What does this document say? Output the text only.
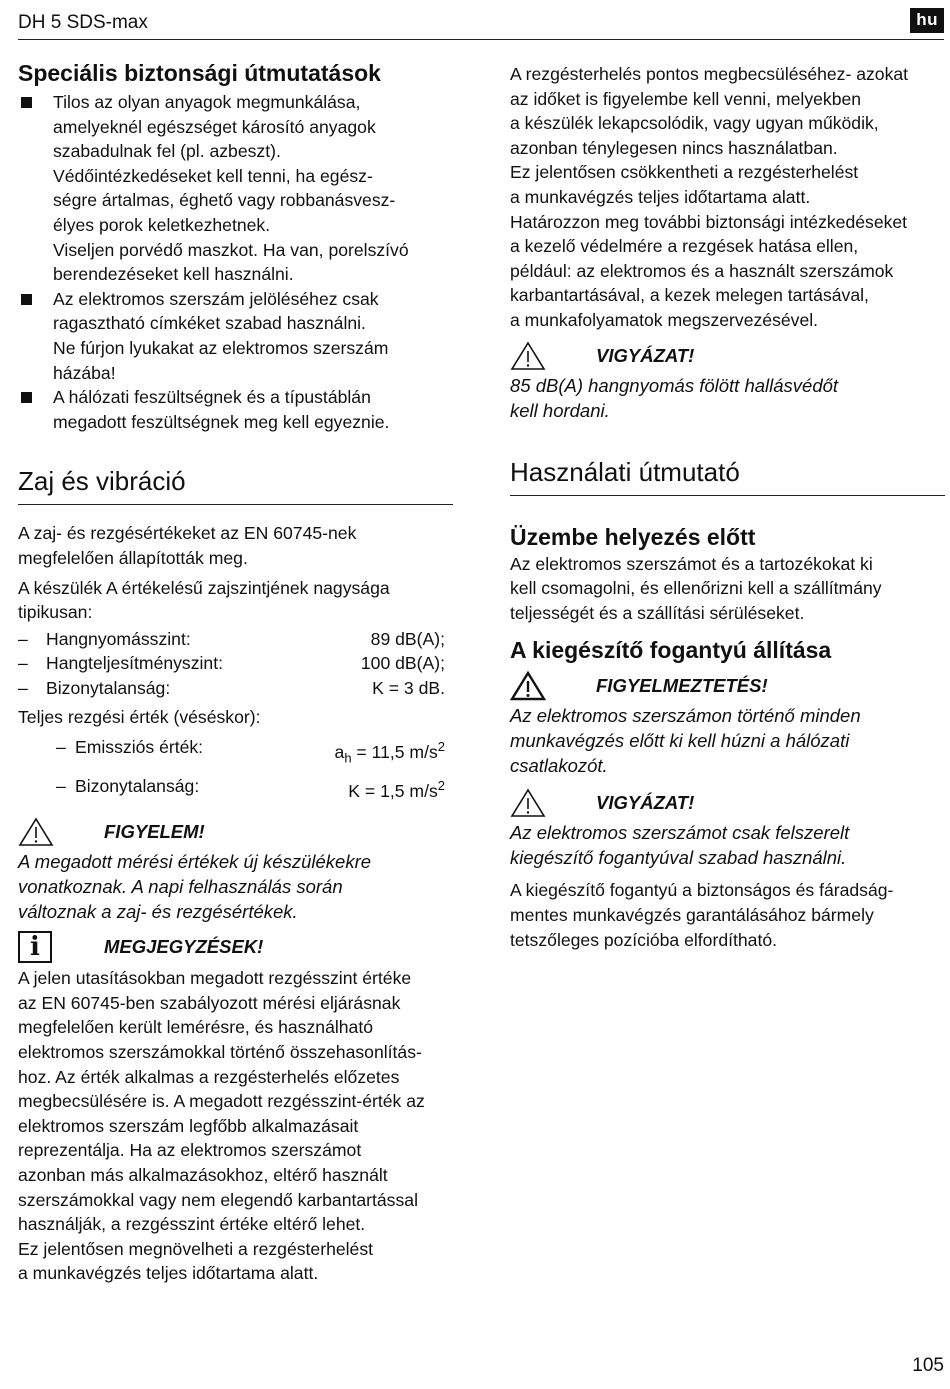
DH 5 SDS-max	hu
Speciális biztonsági útmutatások
Tilos az olyan anyagok megmunkálása,
amelyeknél egészséget károsító anyagok
szabadulnak fel (pl. azbeszt).
Védőintézkedéseket kell tenni, ha egész-
ségre ártalmas, éghető vagy robbanásvesz-
élyes porok keletkezhetnek.
Viseljen porvédő maszkot. Ha van, porelszívó
berendezéseket kell használni.
Az elektromos szerszám jelöléséhez csak
ragasztható címkéket szabad használni.
Ne fúrjon lyukakat az elektromos szerszám
házába!
A hálózati feszültségnek és a típustáblán
megadott feszültségnek meg kell egyeznie.
Zaj és vibráció

A zaj- és rezgésértékeket az EN 60745-nek
megfelelően állapították meg.

A készülék A értékelésű zajszintjének nagysága
tipikusan:

– Hangnyomásszint:	89 dB(A);
– Hangteljesítményszint:	100 dB(A);
– Bizonytalanság:	K = 3 dB.

Teljes rezgési érték (véséskor):

– Emissziós érték:	$a_h = 11,5$ $m/s^2$
– Bizonytalanság:	K = 1,5 $m/s^2$
FIGYELEM!

A megadott mérési értékek új készülékekre
vonatkoznak. A napi felhasználás során
változnak a zaj- és rezgésértékek.

i	MEGJEGYZÉSEK!

A jelen utasításokban megadott rezgésszint értéke
az EN 60745-ben szabályozott mérési eljárásnak
megfelelően került lemérésre, és használható
elektromos szerszámokkal történő összehasonlítás-
hoz. Az érték alkalmas a rezgésterhelés előzetes
megbecsülésére is. A megadott rezgésszint-érték az
elektromos szerszám legfőbb alkalmazásait
reprezentálja. Ha az elektromos szerszámot
azonban más alkalmazásokhoz, eltérő használt
szerszámokkal vagy nem elegendő karbantartással
használják, a rezgésszint értéke eltérő lehet.
Ez jelentősen megnövelheti a rezgésterhelést
a munkavégzés teljes időtartama alatt.

A rezgésterhelés pontos megbecsüléséhez- azokat
az időket is figyelembe kell venni, melyekben
a készülék lekapcsolódik, vagy ugyan működik,
azonban ténylegesen nincs használatban.
Ez jelentősen csökkentheti a rezgésterhelést
a munkavégzés teljes időtartama alatt.
Határozzon meg további biztonsági intézkedéseket
a kezelő védelmére a rezgések hatása ellen,
például: az elektromos és a használt szerszámok
karbantartásával, a kezek melegen tartásával,
a munkafolyamatok megszervezésével.

VIGYÁZAT!

85 dB(A) hangnyomás fölött hallásvédőt
kell hordani.

Használati útmutató
Üzembe helyezés előtt

Az elektromos szerszámot és a tartozékokat ki
kell csomagolni, és ellenőrizni kell a szállítmány
teljességét és a szállítási sérüléseket.

A kiegészítő fogantyú állítása
FIGYELMEZTETÉS!

Az elektromos szerszámon történő minden
munkavégzés előtt ki kell húzni a hálózati
csatlakozót.

VIGYÁZAT!

Az elektromos szerszámot csak felszerelt
kiegészítő fogantyúval szabad használni.

A kiegészítő fogantyú a biztonságos és fáradság-
mentes munkavégzés garantálásához bármely
tetszőleges pozícióba elfordítható.

105
